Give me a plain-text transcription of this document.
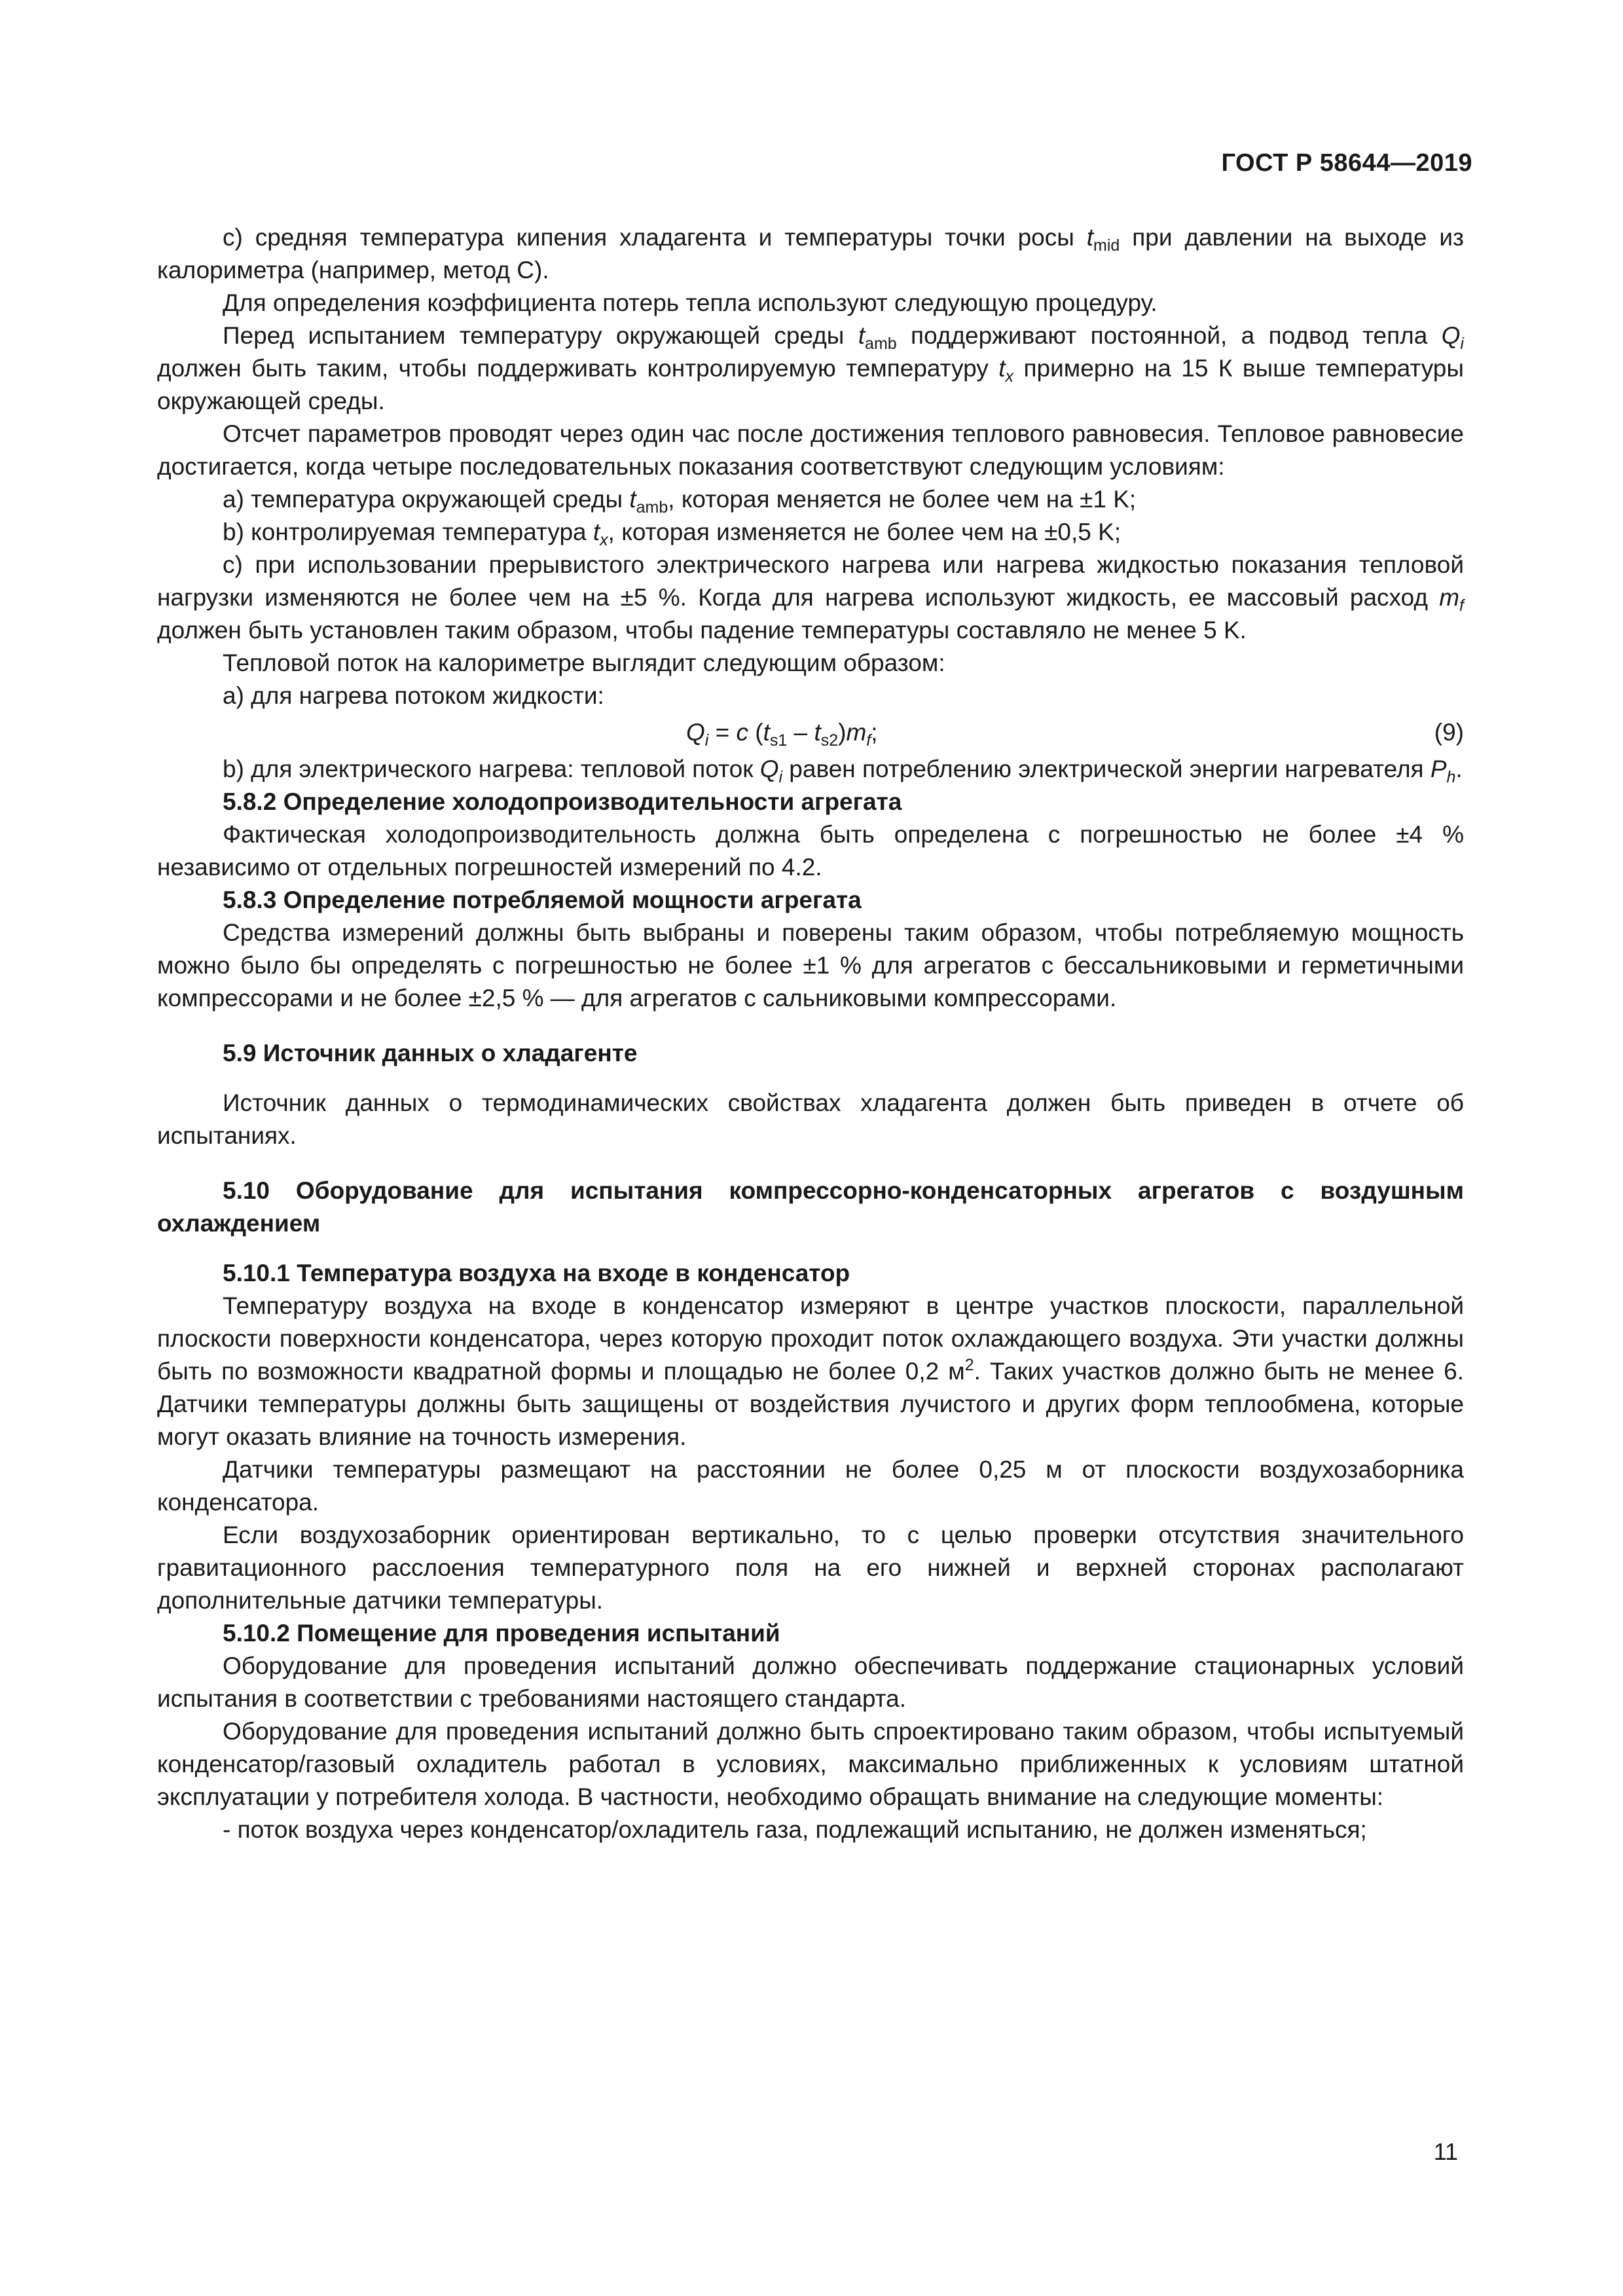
ГОСТ Р 58644—2019

c) средняя температура кипения хладагента и температуры точки росы $t_{mid}$ при давлении на выходе из калориметра (например, метод С).

Для определения коэффициента потерь тепла используют следующую процедуру.

Перед испытанием температуру окружающей среды $t_{amb}$ поддерживают постоянной, а подвод тепла $Q_i$ должен быть таким, чтобы поддерживать контролируемую температуру $t_x$ примерно на 15 К выше температуры окружающей среды.

Отсчет параметров проводят через один час после достижения теплового равновесия. Тепловое равновесие достигается, когда четыре последовательных показания соответствуют следующим условиям:

a) температура окружающей среды $t_{amb}$, которая меняется не более чем на ±1 K;

b) контролируемая температура $t_x$, которая изменяется не более чем на ±0,5 K;

c) при использовании прерывистого электрического нагрева или нагрева жидкостью показания тепловой нагрузки изменяются не более чем на ±5 %. Когда для нагрева используют жидкость, ее массовый расход $m_f$ должен быть установлен таким образом, чтобы падение температуры составляло не менее 5 K.

Тепловой поток на калориметре выглядит следующим образом:

a) для нагрева потоком жидкости:

$Q_i = c$ $(t_{s1} - t_{s2})m_f$;	(9)

b) для электрического нагрева: тепловой поток $Q_i$ равен потреблению электрической энергии нагревателя $P_h$.

5.8.2 Определение холодопроизводительности агрегата

Фактическая холодопроизводительность должна быть определена с погрешностью не более ±4 % независимо от отдельных погрешностей измерений по 4.2.

5.8.3 Определение потребляемой мощности агрегата

Средства измерений должны быть выбраны и поверены таким образом, чтобы потребляемую мощность можно было бы определять с погрешностью не более ±1 % для агрегатов с бессальниковыми и герметичными компрессорами и не более ±2,5 % — для агрегатов с сальниковыми компрессорами.

5.9 Источник данных о хладагенте

Источник данных о термодинамических свойствах хладагента должен быть приведен в отчете об испытаниях.

5.10 Оборудование для испытания компрессорно-конденсаторных агрегатов с воздушным охлаждением

5.10.1 Температура воздуха на входе в конденсатор

Температуру воздуха на входе в конденсатор измеряют в центре участков плоскости, параллельной плоскости поверхности конденсатора, через которую проходит поток охлаждающего воздуха. Эти участки должны быть по возможности квадратной формы и площадью не более 0,2 $м^2$. Таких участков должно быть не менее 6. Датчики температуры должны быть защищены от воздействия лучистого и других форм теплообмена, которые могут оказать влияние на точность измерения.

Датчики температуры размещают на расстоянии не более 0,25 м от плоскости воздухозаборника конденсатора.

Если воздухозаборник ориентирован вертикально, то с целью проверки отсутствия значительного гравитационного расслоения температурного поля на его нижней и верхней сторонах располагают дополнительные датчики температуры.

5.10.2 Помещение для проведения испытаний

Оборудование для проведения испытаний должно обеспечивать поддержание стационарных условий испытания в соответствии с требованиями настоящего стандарта.

Оборудование для проведения испытаний должно быть спроектировано таким образом, чтобы испытуемый конденсатор/газовый охладитель работал в условиях, максимально приближенных к условиям штатной эксплуатации у потребителя холода. В частности, необходимо обращать внимание на следующие моменты:

- поток воздуха через конденсатор/охладитель газа, подлежащий испытанию, не должен изменяться;

11
